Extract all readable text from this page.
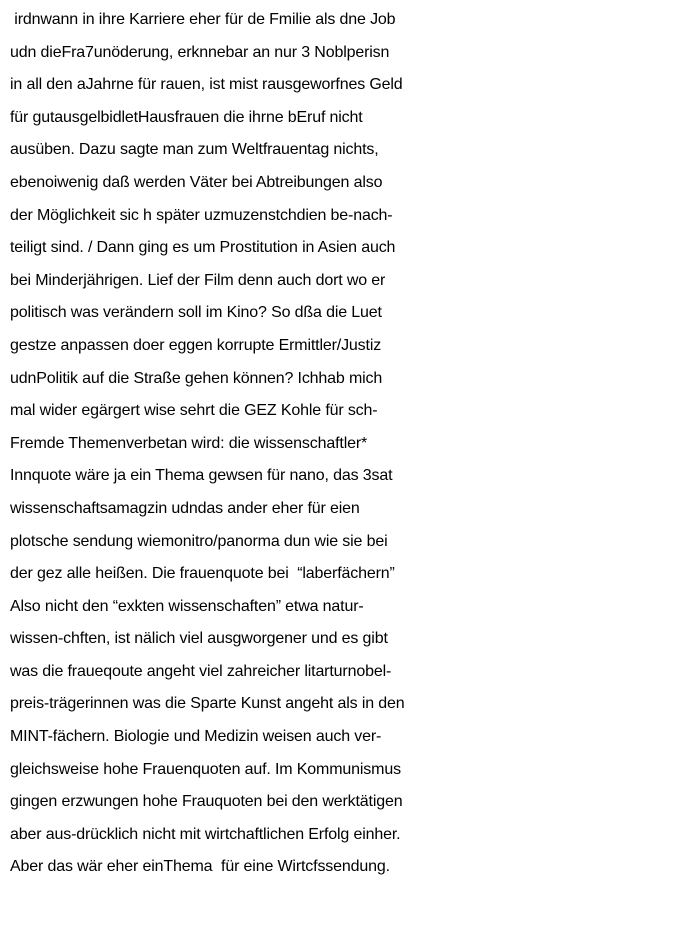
irdnwann in ihre Karriere eher für de Fmilie als dne Job
udn dieFra7unöderung, erknnebar an nur 3 Noblperisn
in all den aJahrne für rauen, ist mist rausgeworfnes Geld
für gutausgelbidletHausfrauen die ihrne bEruf nicht
ausüben. Dazu sagte man zum Weltfrauentag nichts,
ebenoiwenig daß werden Väter bei Abtreibungen also
der Möglichkeit sic h später uzmuzenstchdien be-nach-
teiligt sind. / Dann ging es um Prostitution in Asien auch
bei Minderjährigen. Lief der Film denn auch dort wo er
politisch was verändern soll im Kino? So dßa die Luet
gestze anpassen doer eggen korrupte Ermittler/Justiz
udnPolitik auf die Straße gehen können? Ichhab mich
mal wider egärgert wise sehrt die GEZ Kohle für sch-
Fremde Themenverbetan wird: die wissenschaftler*
Innquote wäre ja ein Thema gewsen für nano, das 3sat
wissenschaftsamagzin udndas ander eher für eien
plotsche sendung wiemonitro/panorma dun wie sie bei
der gez alle heißen. Die frauenquote bei  “laberfächern”
Also nicht den “exkten wissenschaften” etwa natur-
wissen-chften, ist nälich viel ausgworgener und es gibt
was die fraueqoute angeht viel zahreicher litarturnobel-
preis-trägerinnen was die Sparte Kunst angeht als in den
MINT-fächern. Biologie und Medizin weisen auch ver-
gleichsweise hohe Frauenquoten auf. Im Kommunismus
gingen erzwungen hohe Frauquoten bei den werktätigen
aber aus-drücklich nicht mit wirtchaftlichen Erfolg einher.
Aber das wär eher einThema  für eine Wirtcfssendung.
